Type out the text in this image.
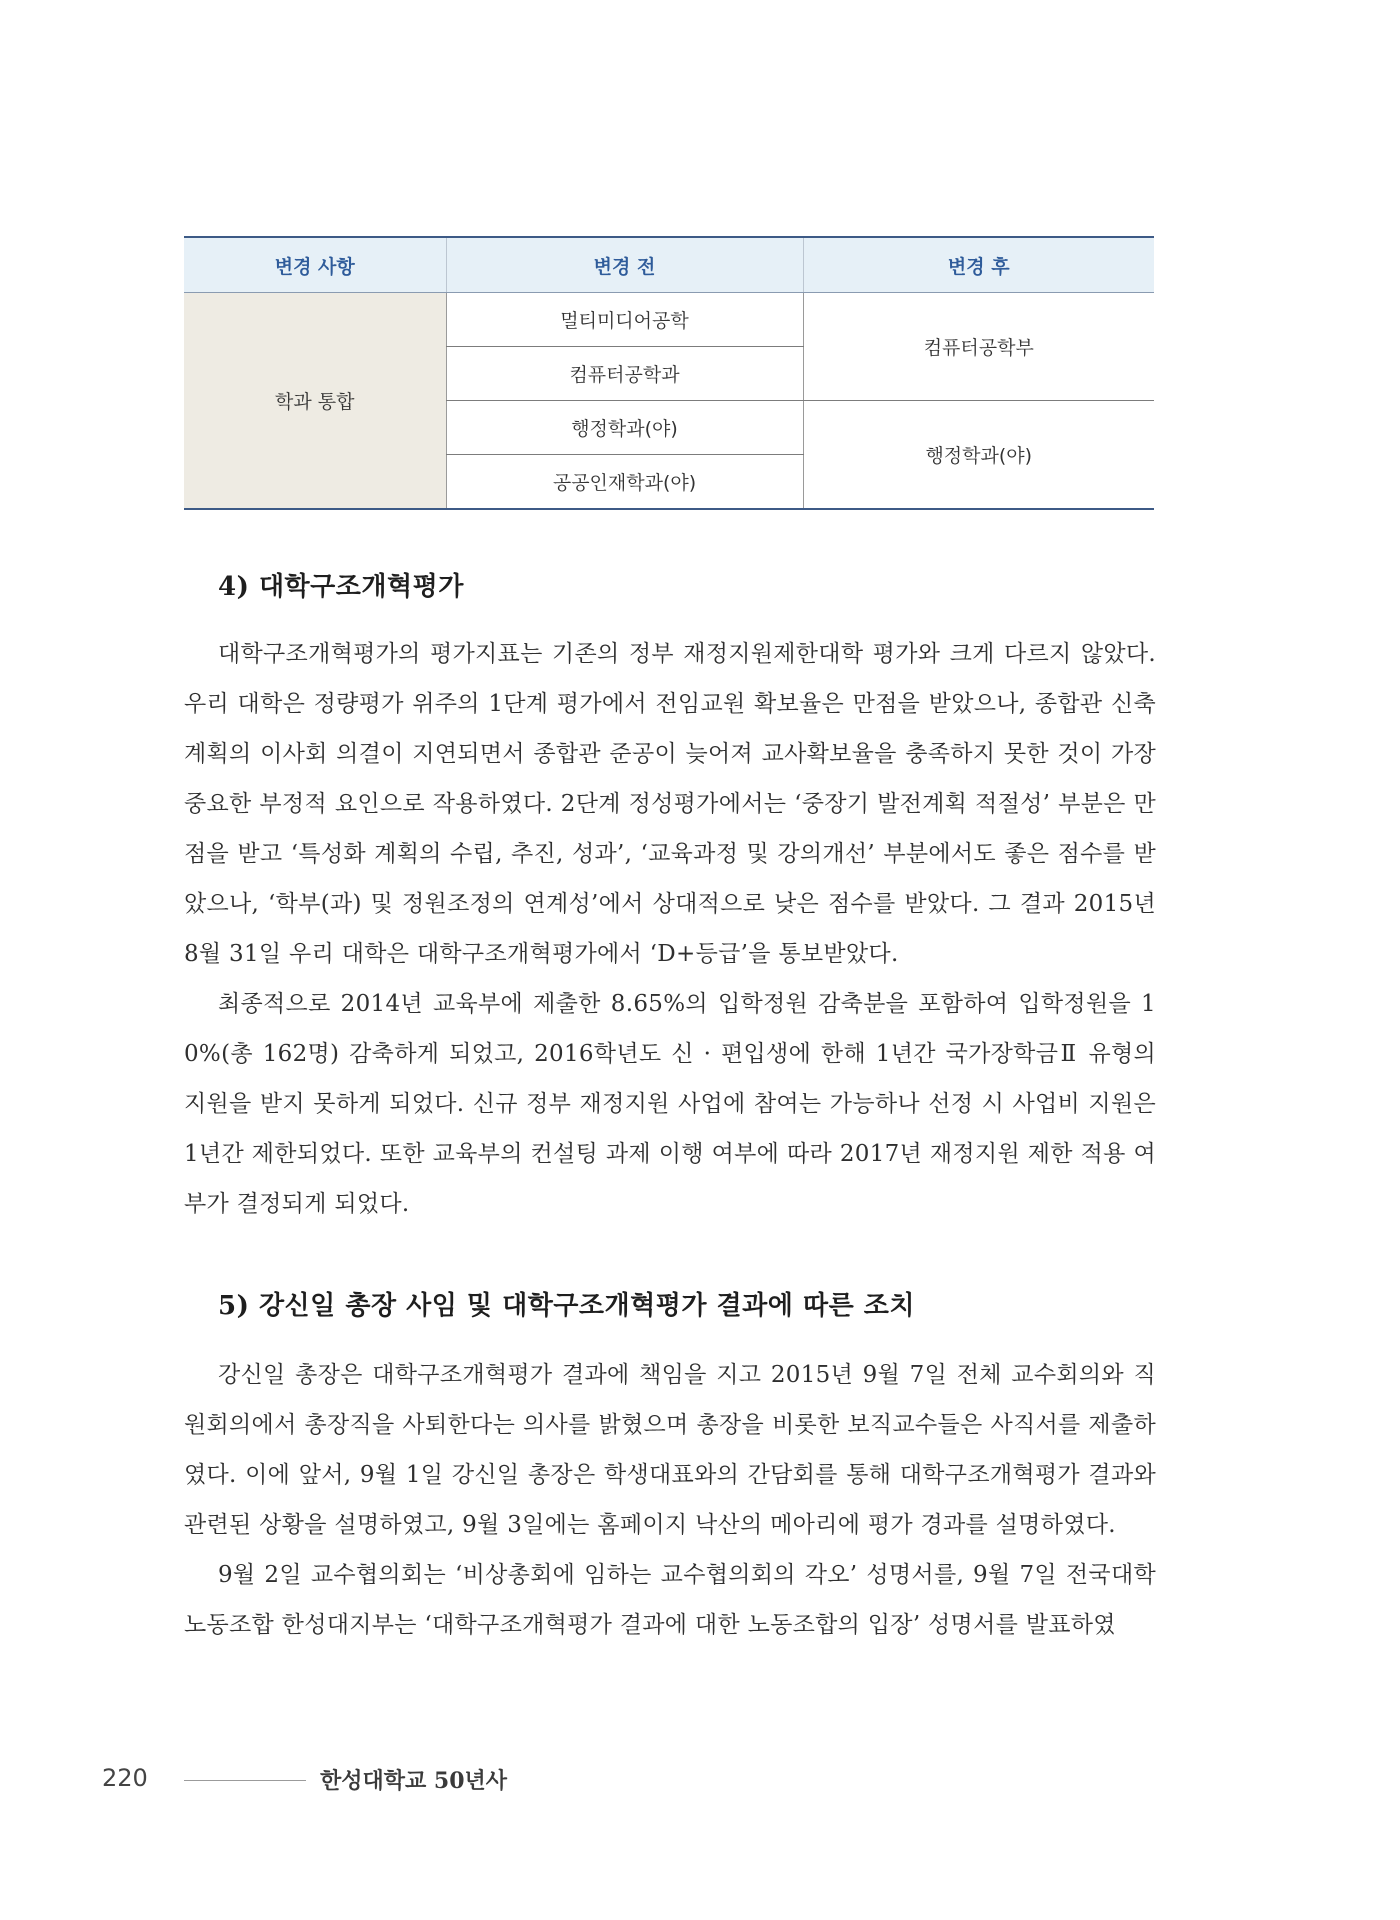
변경 사항	변경 전	변경 후
학과 통합	멀티미디어공학	컴퓨터공학부
	컴퓨터공학과	
	행정학과(야)	행정학과(야)
	공공인재학과(야)	
4) 대학구조개혁평가

대학구조개혁평가의 평가지표는 기존의 정부 재정지원제한대학 평가와 크게 다르지 않았다. 우리 대학은 정량평가 위주의 1단계 평가에서 전임교원 확보율은 만점을 받았으나, 종합관 신축계획의 이사회 의결이 지연되면서 종합관 준공이 늦어져 교사확보율을 충족하지 못한 것이 가장 중요한 부정적 요인으로 작용하였다. 2단계 정성평가에서는 ‘중장기 발전계획 적절성’ 부분은 만점을 받고 ‘특성화 계획의 수립, 추진, 성과’, ‘교육과정 및 강의개선’ 부분에서도 좋은 점수를 받았으나, ‘학부(과) 및 정원조정의 연계성’에서 상대적으로 낮은 점수를 받았다. 그 결과 2015년 8월 31일 우리 대학은 대학구조개혁평가에서 ‘D+등급’을 통보받았다.

최종적으로 2014년 교육부에 제출한 8.65%의 입학정원 감축분을 포함하여 입학정원을 10%(총 162명) 감축하게 되었고, 2016학년도 신 · 편입생에 한해 1년간 국가장학금Ⅱ 유형의 지원을 받지 못하게 되었다. 신규 정부 재정지원 사업에 참여는 가능하나 선정 시 사업비 지원은 1년간 제한되었다. 또한 교육부의 컨설팅 과제 이행 여부에 따라 2017년 재정지원 제한 적용 여부가 결정되게 되었다.

5) 강신일 총장 사임 및 대학구조개혁평가 결과에 따른 조치

강신일 총장은 대학구조개혁평가 결과에 책임을 지고 2015년 9월 7일 전체 교수회의와 직원회의에서 총장직을 사퇴한다는 의사를 밝혔으며 총장을 비롯한 보직교수들은 사직서를 제출하였다. 이에 앞서, 9월 1일 강신일 총장은 학생대표와의 간담회를 통해 대학구조개혁평가 결과와 관련된 상황을 설명하였고, 9월 3일에는 홈페이지 낙산의 메아리에 평가 경과를 설명하였다.

9월 2일 교수협의회는 ‘비상총회에 임하는 교수협의회의 각오’ 성명서를, 9월 7일 전국대학노동조합 한성대지부는 ‘대학구조개혁평가 결과에 대한 노동조합의 입장’ 성명서를 발표하였

220	한성대학교 50년사
